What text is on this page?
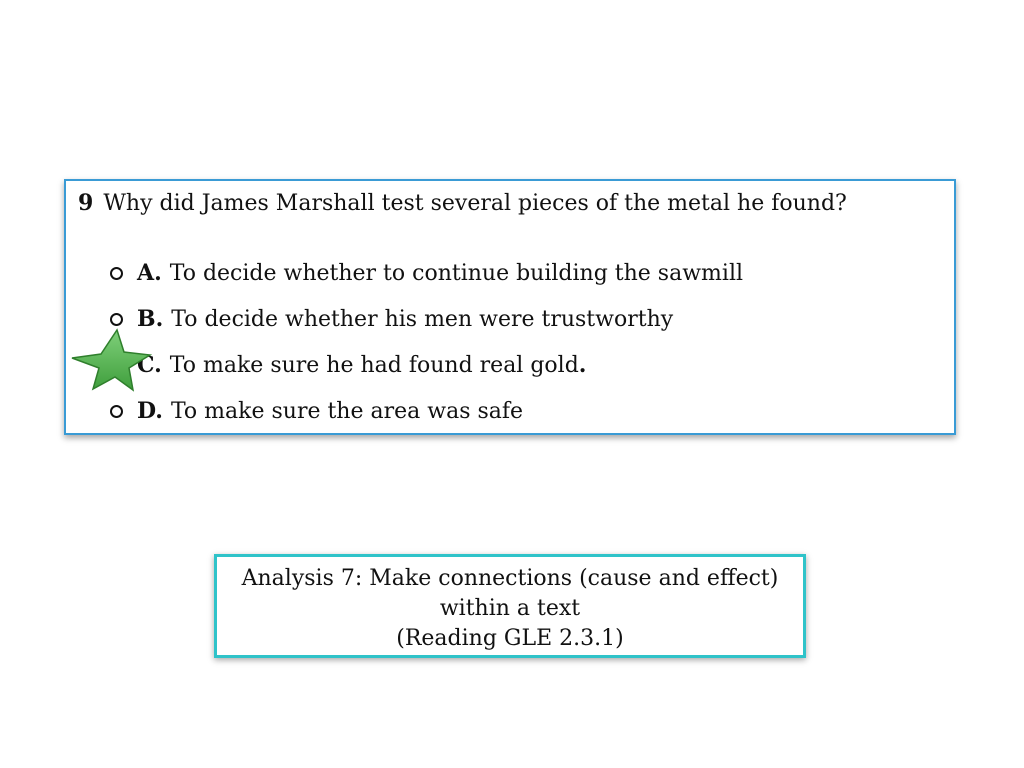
9 Why did James Marshall test several pieces of the metal he found?
A. To decide whether to continue building the sawmill
B. To decide whether his men were trustworthy
C. To make sure he had found real gold .
D. To make sure the area was safe
Analysis 7: Make connections (cause and effect)
within a text
(Reading GLE 2.3.1)
